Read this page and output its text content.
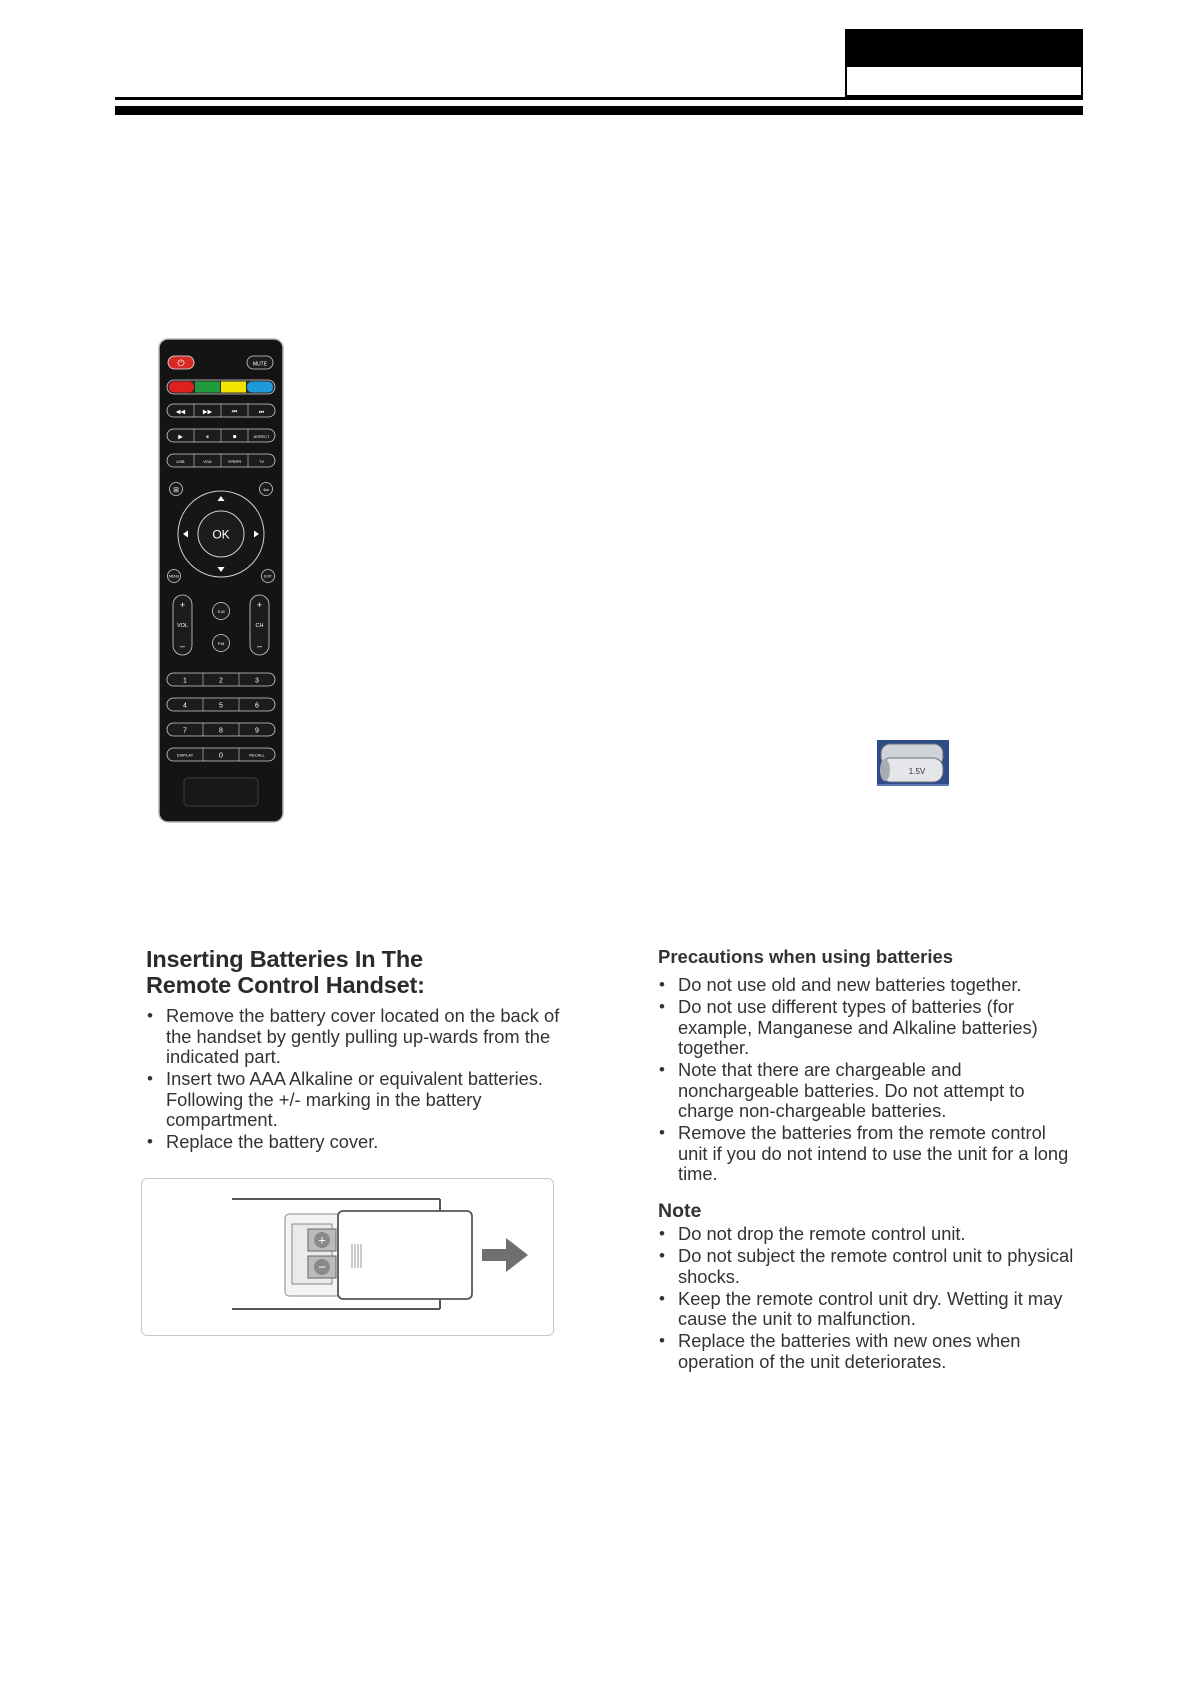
⏻	MUTE
◀◀	▶▶	⏮	⏭
▶	⏸	■	ASPECT
USB	VGA	YPBPR	TV
⊞	⇦
OK
MENU	EXIT
+
VOL
–
+
CH
–
S.M
P.M
1	2	3
4	5	6
7	8	9
DISPLAY	0	RECALL
1.5V
Inserting Batteries In The
Remote Control Handset:
• Remove the battery cover located on the back of the handset by gently pulling up-wards from the indicated part.
• Insert two AAA Alkaline or equivalent batteries. Following the +/- marking in the battery compartment.
• Replace the battery cover.
+
−
Precautions when using batteries
• Do not use old and new batteries together.
• Do not use different types of batteries (for example, Manganese and Alkaline batteries) together.
• Note that there are chargeable and nonchargeable batteries. Do not attempt to charge non-chargeable batteries.
• Remove the batteries from the remote control unit if you do not intend to use the unit for a long time.
Note
• Do not drop the remote control unit.
• Do not subject the remote control unit to physical shocks.
• Keep the remote control unit dry. Wetting it may cause the unit to malfunction.
• Replace the batteries with new ones when operation of the unit deteriorates.
